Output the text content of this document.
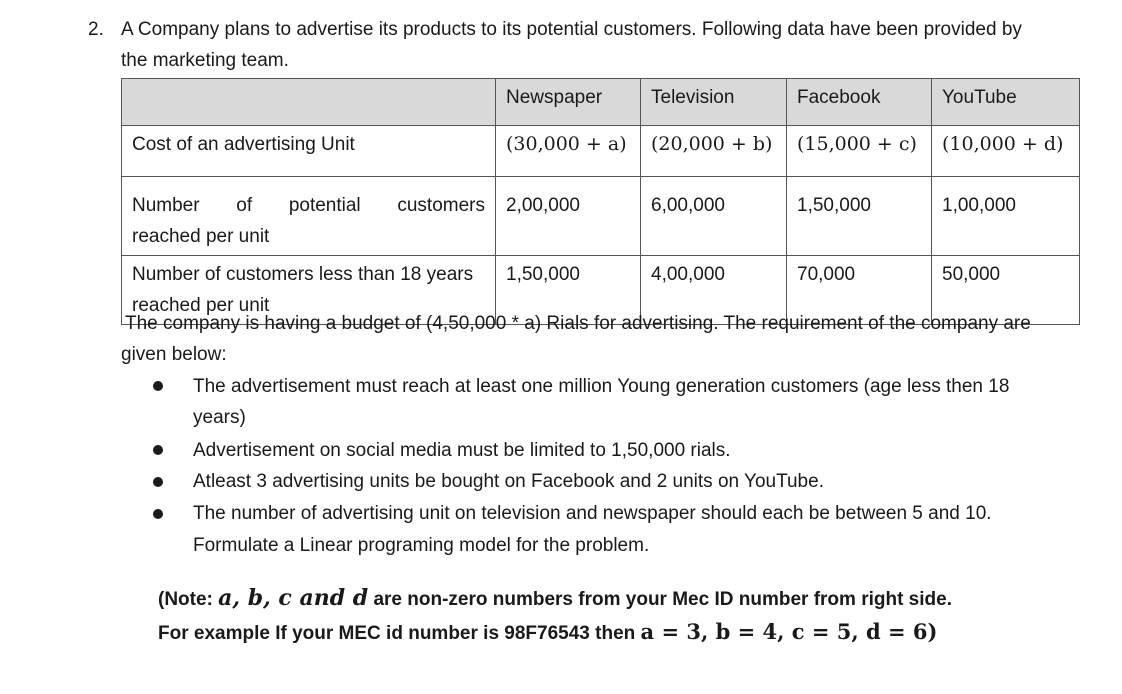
2. A Company plans to advertise its products to its potential customers. Following data have been provided by
the marketing team.
	Newspaper	Television	Facebook	YouTube
Cost of an advertising Unit	(30,000 + a)	(20,000 + b)	(15,000 + c)	(10,000 + d)

Number of potential customers
reached per unit	2,00,000	6,00,000	1,50,000	1,00,000

Number of customers less than 18 years
reached per unit	1,50,000	4,00,000	70,000	50,000
The company is having a budget of (4,50,000 * a) Rials for advertising. The requirement of the company are
given below:
The advertisement must reach at least one million Young generation customers (age less then 18
years)
Advertisement on social media must be limited to 1,50,000 rials.
Atleast 3 advertising units be bought on Facebook and 2 units on YouTube.
The number of advertising unit on television and newspaper should each be between 5 and 10.
Formulate a Linear programing model for the problem.
(Note: a, b, c and d are non-zero numbers from your Mec ID number from right side.
For example If your MEC id number is 98F76543 then a = 3, b = 4, c = 5, d = 6)
